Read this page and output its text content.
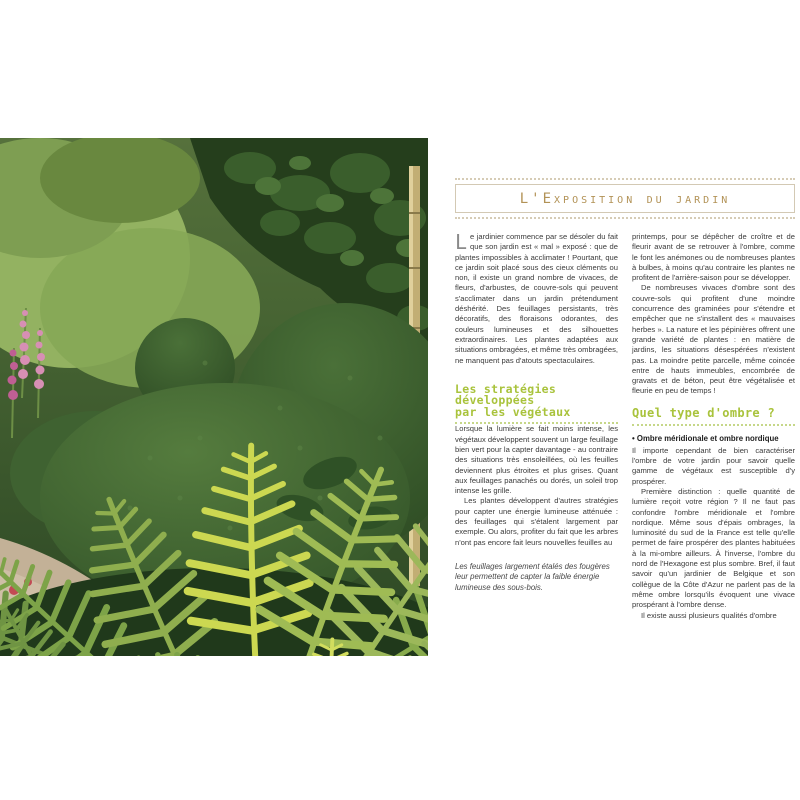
L'Exposition du jardin

Le jardinier commence par se désoler du fait que son jardin est « mal » exposé : que de plantes impossibles à acclimater ! Pourtant, que ce jardin soit placé sous des cieux cléments ou non, il existe un grand nombre de vivaces, de fleurs, d'arbustes, de couvre-sols qui peuvent s'acclimater dans un jardin prétendument déshérité. Des feuillages persistants, très décoratifs, des floraisons odorantes, des couleurs lumineuses et des silhouettes extraordinaires. Les plantes adaptées aux situations ombragées, et même très ombragées, ne manquent pas d'atouts spectaculaires.

Les stratégies
développées
par les végétaux

Lorsque la lumière se fait moins intense, les végétaux développent souvent un large feuillage bien vert pour la capter davantage - au contraire des situations très ensoleillées, où les feuilles deviennent plus étroites et plus grises. Quant aux feuillages panachés ou dorés, un soleil trop intense les grille.

Les plantes développent d'autres stratégies pour capter une énergie lumineuse atténuée : des feuillages qui s'étalent largement par exemple. Ou alors, profiter du fait que les arbres n'ont pas encore fait leurs nouvelles feuilles au

Les feuillages largement étalés des fougères leur permettent de capter la faible énergie lumineuse des sous-bois.

printemps, pour se dépêcher de croître et de fleurir avant de se retrouver à l'ombre, comme le font les anémones ou de nombreuses plantes à bulbes, à moins qu'au contraire les plantes ne profitent de l'arrière-saison pour se développer.

De nombreuses vivaces d'ombre sont des couvre-sols qui profitent d'une moindre concurrence des graminées pour s'étendre et empêcher que ne s'installent des « mauvaises herbes ». La nature et les pépinières offrent une grande variété de plantes : en matière de jardins, les situations désespérées n'existent pas. La moindre petite parcelle, même coincée entre de hauts immeubles, encombrée de gravats et de béton, peut être végétalisée et fleurie en peu de temps !

Quel type d'ombre ?

• Ombre méridionale et ombre nordique

Il importe cependant de bien caractériser l'ombre de votre jardin pour savoir quelle gamme de végétaux est susceptible d'y prospérer.

Première distinction : quelle quantité de lumière reçoit votre région ? Il ne faut pas confondre l'ombre méridionale et l'ombre nordique. Même sous d'épais ombrages, la luminosité du sud de la France est telle qu'elle permet de faire prospérer des plantes habituées à la mi-ombre ailleurs. À l'inverse, l'ombre du nord de l'Hexagone est plus sombre. Bref, il faut savoir qu'un jardinier de Belgique et son collègue de la Côte d'Azur ne parlent pas de la même ombre lorsqu'ils évoquent une vivace prospérant à l'ombre dense.

Il existe aussi plusieurs qualités d'ombre
